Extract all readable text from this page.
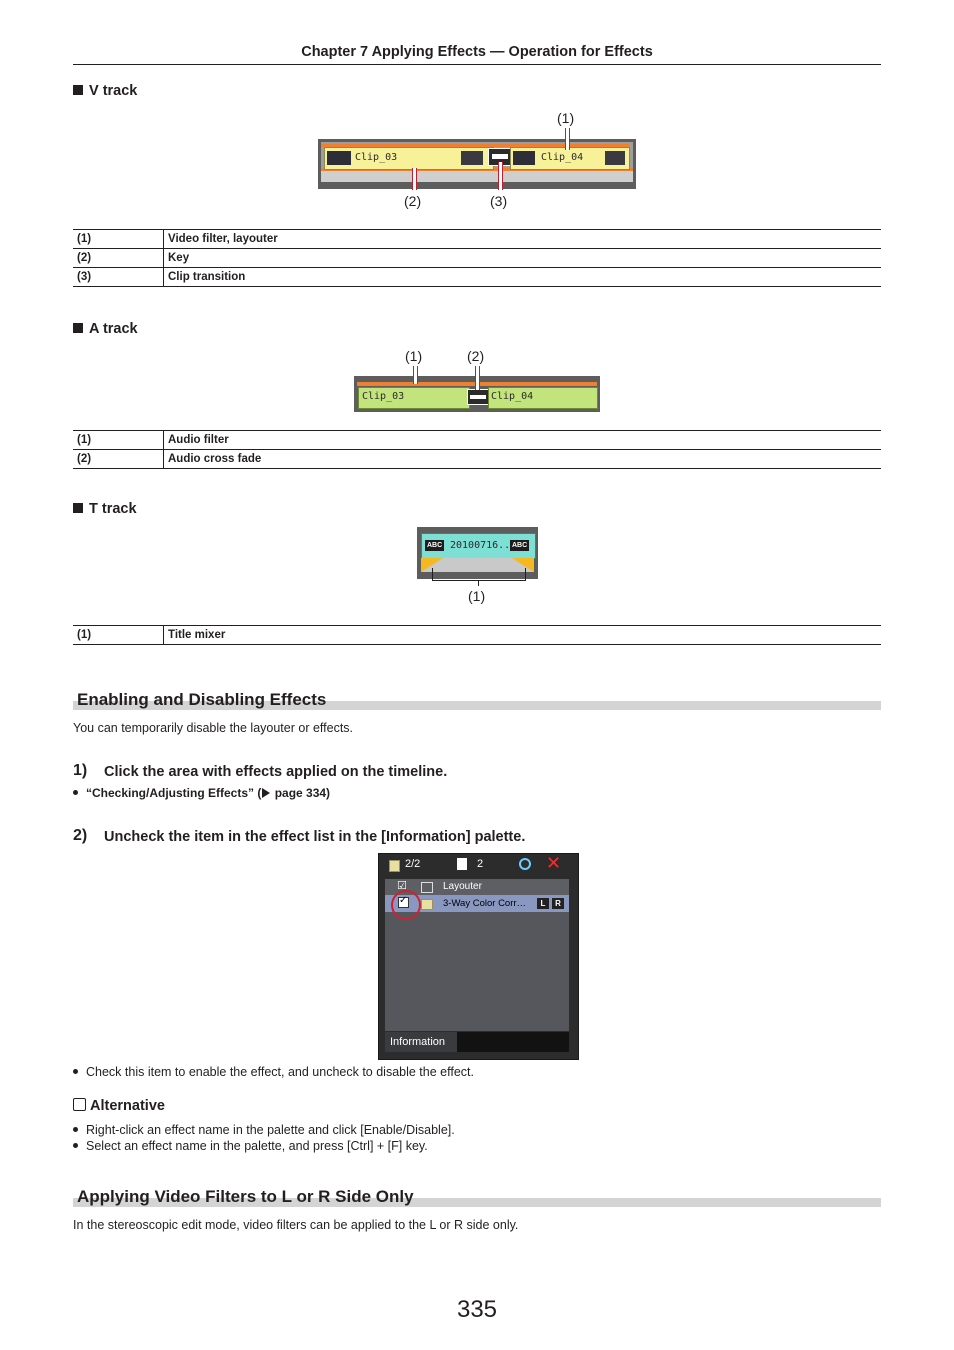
Chapter 7 Applying Effects — Operation for Effects
V track
(1)
(2)	(3)
Clip_03	Clip_04
(1)	Video filter, layouter
(2)	Key
(3)	Clip transition
A track
(1)	(2)
Clip_03	Clip_04
(1)	Audio filter
(2)	Audio cross fade
T track
ABC 20100716.. ABC
(1)
(1)	Title mixer
Enabling and Disabling Effects
You can temporarily disable the layouter or effects.
1) Click the area with effects applied on the timeline.
“Checking/Adjusting Effects” ( page 334)
2) Uncheck the item in the effect list in the [Information] palette.
2/2	2	✕
☑	Layouter
✓	3-Way Color Corr…	L	R
Information
Check this item to enable the effect, and uncheck to disable the effect.
Alternative
Right-click an effect name in the palette and click [Enable/Disable].
Select an effect name in the palette, and press [Ctrl] + [F] key.
Applying Video Filters to L or R Side Only
In the stereoscopic edit mode, video filters can be applied to the L or R side only.
335
